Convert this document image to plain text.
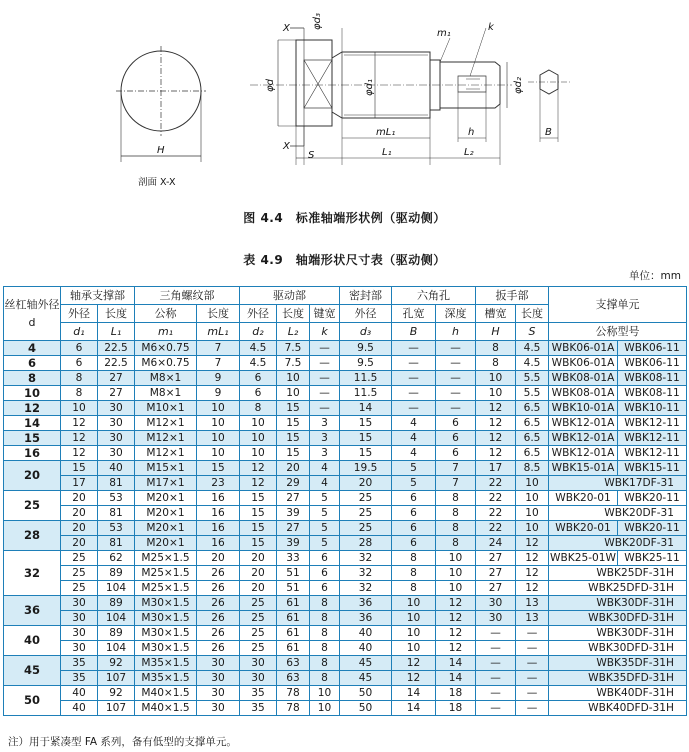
H
X
X
φd₃
φd	φd₁	φd₂
m₁
k
S	L₁
mL₁
L₂
h	B
剖面 X-X
图 4.4　标准轴端形状例（驱动侧）
表 4.9　轴端形状尺寸表（驱动侧）
单位：mm
丝杠轴外径 d	轴承支撑部		三角螺纹部		驱动部			密封部	六角孔		扳手部		支撑单元	
	外径	长度	公称	长度	外径	长度	键宽	外径	孔宽	深度	槽宽	长度		
	d₁	L₁	m₁	mL₁	d₂	L₂	k	d₃	B	h	H	S	公称型号	
4	6	22.5	M6×0.75	7	4.5	7.5	—	9.5	—	—	8	4.5	WBK06-01A	WBK06-11
6	6	22.5	M6×0.75	7	4.5	7.5	—	9.5	—	—	8	4.5	WBK06-01A	WBK06-11
8	8	27	M8×1	9	6	10	—	11.5	—	—	10	5.5	WBK08-01A	WBK08-11
10	8	27	M8×1	9	6	10	—	11.5	—	—	10	5.5	WBK08-01A	WBK08-11
12	10	30	M10×1	10	8	15	—	14	—	—	12	6.5	WBK10-01A	WBK10-11
14	12	30	M12×1	10	10	15	3	15	4	6	12	6.5	WBK12-01A	WBK12-11
15	12	30	M12×1	10	10	15	3	15	4	6	12	6.5	WBK12-01A	WBK12-11
16	12	30	M12×1	10	10	15	3	15	4	6	12	6.5	WBK12-01A	WBK12-11
20	15	40	M15×1	15	12	20	4	19.5	5	7	17	8.5	WBK15-01A	WBK15-11
	17	81	M17×1	23	12	29	4	20	5	7	22	10	WBK17DF-31	
25	20	53	M20×1	16	15	27	5	25	6	8	22	10	WBK20-01	WBK20-11
	20	81	M20×1	16	15	39	5	25	6	8	22	10	WBK20DF-31	
28	20	53	M20×1	16	15	27	5	25	6	8	22	10	WBK20-01	WBK20-11
	20	81	M20×1	16	15	39	5	28	6	8	24	12	WBK20DF-31	
32	25	62	M25×1.5	20	20	33	6	32	8	10	27	12	WBK25-01W	WBK25-11
	25	89	M25×1.5	26	20	51	6	32	8	10	27	12	WBK25DF-31H	
	25	104	M25×1.5	26	20	51	6	32	8	10	27	12	WBK25DFD-31H	
36	30	89	M30×1.5	26	25	61	8	36	10	12	30	13	WBK30DF-31H	
	30	104	M30×1.5	26	25	61	8	36	10	12	30	13	WBK30DFD-31H	
40	30	89	M30×1.5	26	25	61	8	40	10	12	—	—	WBK30DF-31H	
	30	104	M30×1.5	26	25	61	8	40	10	12	—	—	WBK30DFD-31H	
45	35	92	M35×1.5	30	30	63	8	45	12	14	—	—	WBK35DF-31H	
	35	107	M35×1.5	30	30	63	8	45	12	14	—	—	WBK35DFD-31H	
50	40	92	M40×1.5	30	35	78	10	50	14	18	—	—	WBK40DF-31H	
	40	107	M40×1.5	30	35	78	10	50	14	18	—	—	WBK40DFD-31H	
注）用于紧凑型 FA 系列，备有低型的支撑单元。
